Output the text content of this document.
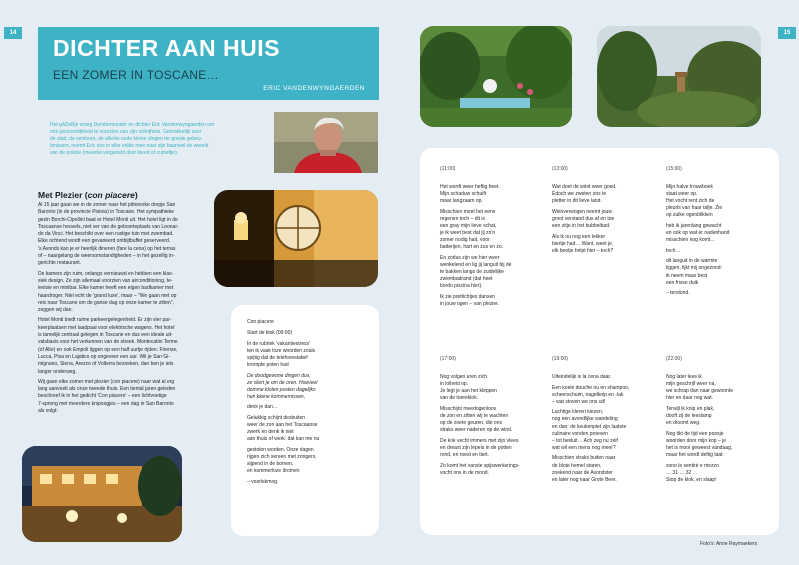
14	15
DICHTER AAN HUIS
EEN ZOMER IN TOSCANE…
ERIC VANDENWYNGAERDEN
Het gAZeBje vroeg Dendermonder en dichter Eric Vandenwyngaerden om
ons persoonlijkheid te voorzien van zijn schrijfsels. Gemakkelijk voor
de stad, de senioren, de allerlei oude kleine dingen ter goede gebeu-
tenissen, neemt Eric ons in elke editie mee naar zijn baanwel de wereld
van de poëzie (meestal vergezeld door kleed of cumeltje).
Met Plezier (con piacere)
Al 15 jaar gaan we in de zomer naar het pittoreske dorpje San
Baronto (in de provincie Pistoia) in Toscane. Het sympathieke
gezin Borchi-Cipollini baat er Hotel Monti uit. Het hotel ligt in de
Toscaanse heuvels, niet ver van de geboorteplaats van Leonar-
do da Vinci. Het beschikt over een rustige tuin met zwembad.
Elke ochtend wordt een gevarieerd ontbijtbuffet geserveerd.
's Avonds kan je er heerlijk dineren (fare la cena) op het terras
of – naargelang de weersomstandigheden – in het gezellig in-
gerichte restaurant.
De kamers zijn ruim, onlangs vernieuwd en hebben een klas-
siek design. Ze zijn allemaal voorzien van airconditioning, te-
levisie en minibar. Elke kamer heeft een eigen badkamer met
haardroger. Niet echt de 'grand luxe', maar – "We gaan met op
reis naar Toscane om de ganse dag op onze kamer te zitten",
zeggen wij dan.
Hotel Monti biedt ruime parkeergelegenheid. Er zijn vier par-
keerplaatsen met laadpaal voor elektrische wagens. Het hotel
is tamelijk centraal gelegen in Toscane en dus een ideale uit-
valsbasis voor het verkennen van de streek. Montecatini Terme
(of Alto) en ook Empoli liggen op een half uurtje rijden. Firenze,
Lucca, Pisa en Lajatico op ongeveer een uur. Wil je San Gi-
mignano, Siena, Arezzo of Volterra bezoeken, dan ben je iets
langer onderweg.
Wij gaan elke zomer met plezier (con piacere) naar wat al erg
lang aanvoelt als onze tweede thuis. Een tiental jaren geleden
beschreef ik in het gedicht 'Con piacere' – een lichtvoetige
7-sprong met meerdere knipoogjes – een dag in San Baronto
als volgt:
Con piacere
Start de klok (09:00)
In de rubriek 'vakantiestress'
ten ik vaak loze woorden zoals
spijtig dat de telefoonstatief
krompte poten had
De doodgewone dingen dus,
ze sliert je om de oren. Hoeveel
domme kloten posten dagelijks
hun kleine kommernissen,
denk je dan…
Gelukkig schijnt desbuiten
weer de zon aan het Toscaanse
zwerk en denk ik niet
aan thuis of werk: dat kan me nu
gestolen worden. Onze dagen
rijgen zich sereen met zongers,
sijpend in de bomen,
en kommerloze dromen
– voorlekmog.
(11:00)
Het wordt weer heftig heet.
Mijn schaduw schuift
maar langzaam op.
Misschien moet het eens
regenen toch – dit is
een gray mijn lieve schat,
je ik weet best dat jij zo'n
zomer nodig had, voor
batterijen, hart en zus en zo.
En zodus zijn we hier weer
wenkelend en lig jij languit bij de
te bakken langs de zuidelijke
zwembadrand (dat heet
bordo piscina hier).
Ik zie prettichtjes dansen
in jouw ogen – van plezier.
(13:00)
Wat doet de wind weer goed.
Édoch we zweten ons te
pletter in dit lieve land.
Weloverwogen neemt jouw
groot verstand dus af en toe
een zitje in het bubbelbad.
Als ik nu nog een lekker
biertje had… Want, weet je,
elk beetje helpt hier – toch?
(15:00)
Mijn halve trouwboek
staat weer op.
Het vocht rent zich de
pleurls van haar tafje. Zie
op zulke ogenblikken
heb ik jarenlang gewacht
en ook op wat er nadenhand
misschien nog komt…
toch…
dit languit in de warmte
liggen, lijkt mij ongezond:
ik neem maar best
een frisse duik
– terstond.
(17:00)
Nog volgen uren zich
in lolheid op.
Je legt je aan het kleppen
van de toereklok.
Misschijnt meedogenloos
de zon en zitten wij te wachten
op de zoete geuren, die ons
straks weer naderen op de wind.
De kok vecht immers met zijn vlees
en dreast zijn lepels in de potten
rond, en roest en tiert.
Zo komt het vanste spijswerkerings-
vocht ons in de mond.
(19:00)
Uiteindelijk is la cena daar.
Een koele douche nu en shampoo,
scheerschuim, nagelknip en -lak
– wat stoven we ons uit!
Luchtige kleren kiezen,
nog een avondlijke wandeling
en dan: de keukenpiet zijn laatste
culinaire vonden proeven
– tot besluit… Ach zeg nu zelf
wat wil een mens nog meer?
Misschien straks buiten naar
de blote hemel staren,
zoekend naar de Avondster
en later nog naar Grote Beer.
(22:00)
Nog later lees ik
mijn geschrijf weer na,
we schrap dan naar gewoonte
hier en daar nog wat.
Terwijl ik knip en plak,
dooft zij de leeslamp
en droomt weg.
Nog tikt de tijd een poosje
woorden door mijn kop – je
het is mooi geweest vandaag,
maar het wordt deftig laat:
sono le sentiré e mezzo
… 31 … 32 …
Stop de klok, en slaap!
Foto's: Anne Raymaekers
